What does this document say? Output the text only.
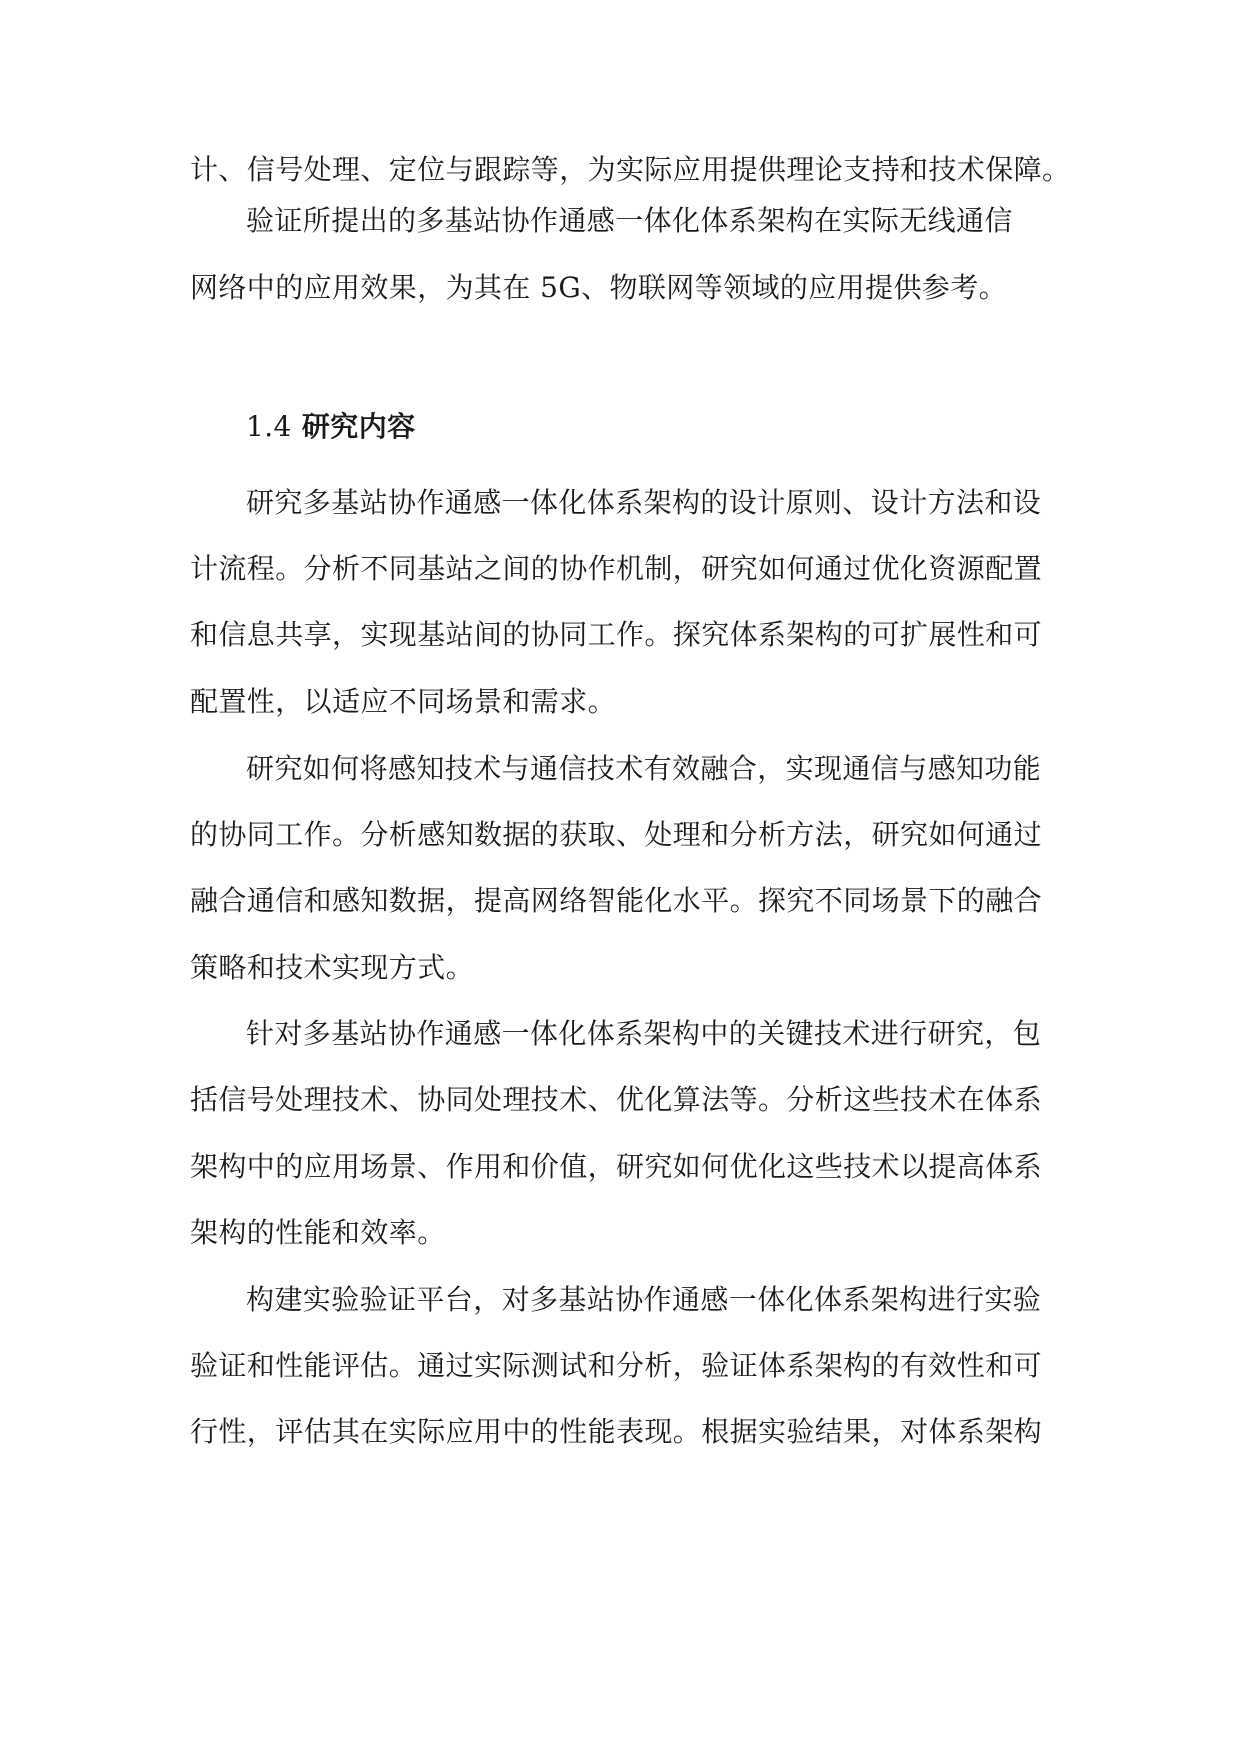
计、信号处理、定位与跟踪等，为实际应用提供理论支持和技术保障。
验证所提出的多基站协作通感一体化体系架构在实际无线通信
网络中的应用效果，为其在 5G、物联网等领域的应用提供参考。
1.4 研究内容
研究多基站协作通感一体化体系架构的设计原则、设计方法和设
计流程。分析不同基站之间的协作机制，研究如何通过优化资源配置
和信息共享，实现基站间的协同工作。探究体系架构的可扩展性和可
配置性，以适应不同场景和需求。
研究如何将感知技术与通信技术有效融合，实现通信与感知功能
的协同工作。分析感知数据的获取、处理和分析方法，研究如何通过
融合通信和感知数据，提高网络智能化水平。探究不同场景下的融合
策略和技术实现方式。
针对多基站协作通感一体化体系架构中的关键技术进行研究，包
括信号处理技术、协同处理技术、优化算法等。分析这些技术在体系
架构中的应用场景、作用和价值，研究如何优化这些技术以提高体系
架构的性能和效率。
构建实验验证平台，对多基站协作通感一体化体系架构进行实验
验证和性能评估。通过实际测试和分析，验证体系架构的有效性和可
行性，评估其在实际应用中的性能表现。根据实验结果，对体系架构
